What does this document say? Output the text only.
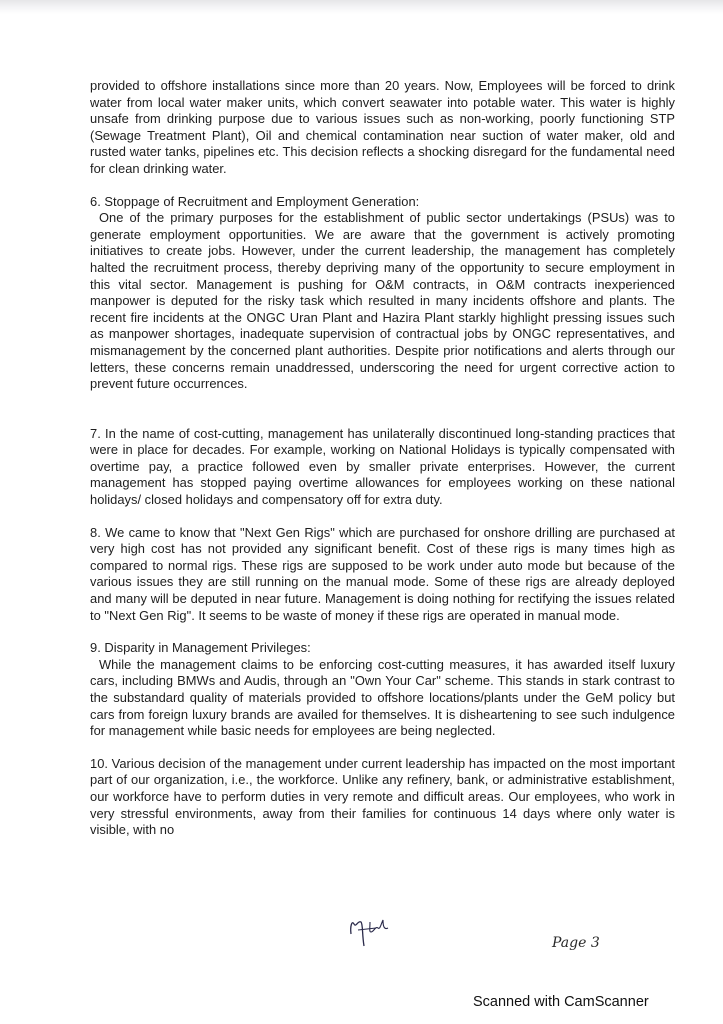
provided to offshore installations since more than 20 years. Now, Employees will be forced to drink water from local water maker units, which convert seawater into potable water. This water is highly unsafe from drinking purpose due to various issues such as non-working, poorly functioning STP (Sewage Treatment Plant), Oil and chemical contamination near suction of water maker, old and rusted water tanks, pipelines etc. This decision reflects a shocking disregard for the fundamental need for clean drinking water.

6. Stoppage of Recruitment and Employment Generation:

One of the primary purposes for the establishment of public sector undertakings (PSUs) was to generate employment opportunities. We are aware that the government is actively promoting initiatives to create jobs. However, under the current leadership, the management has completely halted the recruitment process, thereby depriving many of the opportunity to secure employment in this vital sector. Management is pushing for O&M contracts, in O&M contracts inexperienced manpower is deputed for the risky task which resulted in many incidents offshore and plants. The recent fire incidents at the ONGC Uran Plant and Hazira Plant starkly highlight pressing issues such as manpower shortages, inadequate supervision of contractual jobs by ONGC representatives, and mismanagement by the concerned plant authorities. Despite prior notifications and alerts through our letters, these concerns remain unaddressed, underscoring the need for urgent corrective action to prevent future occurrences.

7. In the name of cost-cutting, management has unilaterally discontinued long-standing practices that were in place for decades. For example, working on National Holidays is typically compensated with overtime pay, a practice followed even by smaller private enterprises. However, the current management has stopped paying overtime allowances for employees working on these national holidays/ closed holidays and compensatory off for extra duty.

8. We came to know that "Next Gen Rigs" which are purchased for onshore drilling are purchased at very high cost has not provided any significant benefit. Cost of these rigs is many times high as compared to normal rigs. These rigs are supposed to be work under auto mode but because of the various issues they are still running on the manual mode. Some of these rigs are already deployed and many will be deputed in near future. Management is doing nothing for rectifying the issues related to "Next Gen Rig". It seems to be waste of money if these rigs are operated in manual mode.

9. Disparity in Management Privileges:

While the management claims to be enforcing cost-cutting measures, it has awarded itself luxury cars, including BMWs and Audis, through an "Own Your Car" scheme. This stands in stark contrast to the substandard quality of materials provided to offshore locations/plants under the GeM policy but cars from foreign luxury brands are availed for themselves. It is disheartening to see such indulgence for management while basic needs for employees are being neglected.

10. Various decision of the management under current leadership has impacted on the most important part of our organization, i.e., the workforce. Unlike any refinery, bank, or administrative establishment, our workforce have to perform duties in very remote and difficult areas. Our employees, who work in very stressful environments, away from their families for continuous 14 days where only water is visible, with no

Page 3
Scanned with CamScanner
